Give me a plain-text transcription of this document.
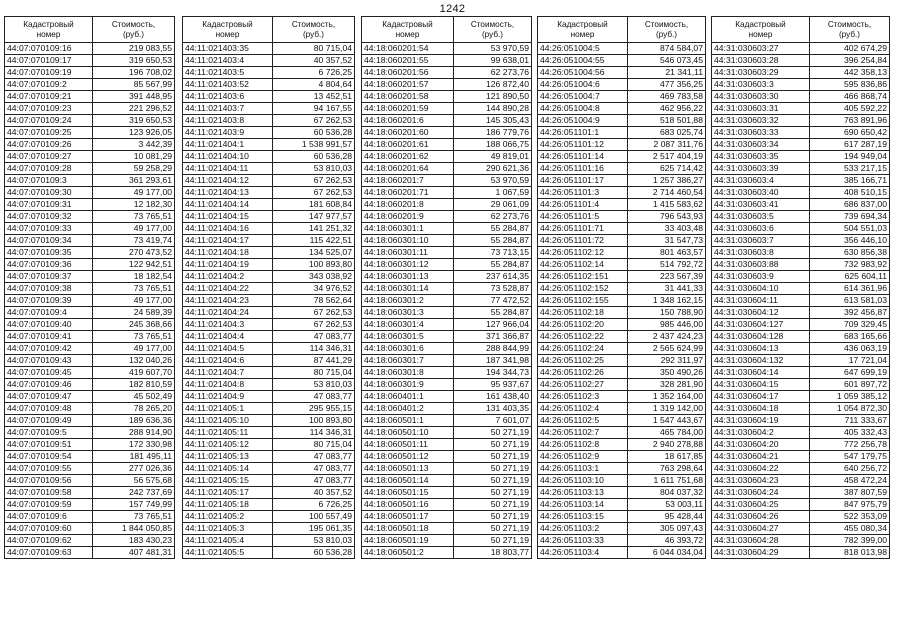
1242
Кадастровый
номер	Стоимость,
(руб.)

44:07:070109:16	219 083,55
44:07:070109:17	319 650,53
44:07:070109:19	196 708,02
44:07:070109:2	85 567,99
44:07:070109:21	391 448,95
44:07:070109:23	221 296,52
44:07:070109:24	319 650,53
44:07:070109:25	123 926,05
44:07:070109:26	3 442,39
44:07:070109:27	10 081,29
44:07:070109:28	59 258,29
44:07:070109:3	361 293,61
44:07:070109:30	49 177,00
44:07:070109:31	12 182,30
44:07:070109:32	73 765,51
44:07:070109:33	49 177,00
44:07:070109:34	73 419,74
44:07:070109:35	270 473,52
44:07:070109:36	122 942,51
44:07:070109:37	18 182,54
44:07:070109:38	73 765,51
44:07:070109:39	49 177,00
44:07:070109:4	24 589,39
44:07:070109:40	245 368,66
44:07:070109:41	73 765,51
44:07:070109:42	49 177,00
44:07:070109:43	132 040,26
44:07:070109:45	419 607,70
44:07:070109:46	182 810,59
44:07:070109:47	45 502,49
44:07:070109:48	78 265,20
44:07:070109:49	189 636,36
44:07:070109:5	288 914,90
44:07:070109:51	172 330,98
44:07:070109:54	181 495,11
44:07:070109:55	277 026,36
44:07:070109:56	56 575,68
44:07:070109:58	242 737,69
44:07:070109:59	157 749,99
44:07:070109:6	73 765,51
44:07:070109:60	1 844 050,85
44:07:070109:62	183 430,23
44:07:070109:63	407 481,31
Кадастровый
номер	Стоимость,
(руб.)

44:11:021403:35	80 715,04
44:11:021403:4	40 357,52
44:11:021403:5	6 726,25
44:11:021403:52	4 804,64
44:11:021403:6	13 452,51
44:11:021403:7	94 167,55
44:11:021403:8	67 262,53
44:11:021403:9	60 536,28
44:11:021404:1	1 538 991,57
44:11:021404:10	60 536,28
44:11:021404:11	53 810,03
44:11:021404:12	67 262,53
44:11:021404:13	67 262,53
44:11:021404:14	181 608,84
44:11:021404:15	147 977,57
44:11:021404:16	141 251,32
44:11:021404:17	115 422,51
44:11:021404:18	134 525,07
44:11:021404:19	100 893,80
44:11:021404:2	343 038,92
44:11:021404:22	34 976,52
44:11:021404:23	78 562,64
44:11:021404:24	67 262,53
44:11:021404:3	67 262,53
44:11:021404:4	47 083,77
44:11:021404:5	114 346,31
44:11:021404:6	87 441,29
44:11:021404:7	80 715,04
44:11:021404:8	53 810,03
44:11:021404:9	47 083,77
44:11:021405:1	295 955,15
44:11:021405:10	100 893,80
44:11:021405:11	114 346,31
44:11:021405:12	80 715,04
44:11:021405:13	47 083,77
44:11:021405:14	47 083,77
44:11:021405:15	47 083,77
44:11:021405:17	40 357,52
44:11:021405:18	6 726,25
44:11:021405:2	100 557,49
44:11:021405:3	195 061,35
44:11:021405:4	53 810,03
44:11:021405:5	60 536,28
Кадастровый
номер	Стоимость,
(руб.)

44:18:060201:54	53 970,59
44:18:060201:55	99 638,01
44:18:060201:56	62 273,76
44:18:060201:57	126 872,40
44:18:060201:58	121 890,50
44:18:060201:59	144 890,28
44:18:060201:6	145 305,43
44:18:060201:60	186 779,76
44:18:060201:61	188 066,75
44:18:060201:62	49 819,01
44:18:060201:64	290 621,36
44:18:060201:7	53 970,59
44:18:060201:71	1 067,59
44:18:060201:8	29 061,09
44:18:060201:9	62 273,76
44:18:060301:1	55 284,87
44:18:060301:10	55 284,87
44:18:060301:11	73 713,15
44:18:060301:12	55 284,87
44:18:060301:13	237 614,35
44:18:060301:14	73 528,87
44:18:060301:2	77 472,52
44:18:060301:3	55 284,87
44:18:060301:4	127 966,04
44:18:060301:5	371 366,87
44:18:060301:6	288 844,99
44:18:060301:7	187 341,98
44:18:060301:8	194 344,73
44:18:060301:9	95 937,67
44:18:060401:1	161 438,40
44:18:060401:2	131 403,35
44:18:060501:1	7 601,07
44:18:060501:10	50 271,19
44:18:060501:11	50 271,19
44:18:060501:12	50 271,19
44:18:060501:13	50 271,19
44:18:060501:14	50 271,19
44:18:060501:15	50 271,19
44:18:060501:16	50 271,19
44:18:060501:17	50 271,19
44:18:060501:18	50 271,19
44:18:060501:19	50 271,19
44:18:060501:2	18 803,77
Кадастровый
номер	Стоимость,
(руб.)

44:26:051004:5	874 584,07
44:26:051004:55	546 073,45
44:26:051004:56	21 341,11
44:26:051004:6	477 356,25
44:26:051004:7	469 783,58
44:26:051004:8	462 956,22
44:26:051004:9	518 501,88
44:26:051101:1	683 025,74
44:26:051101:12	2 087 311,76
44:26:051101:14	2 517 404,19
44:26:051101:16	625 714,42
44:26:051101:17	1 257 386,27
44:26:051101:3	2 714 460,54
44:26:051101:4	1 415 583,62
44:26:051101:5	796 543,93
44:26:051101:71	33 403,48
44:26:051101:72	31 547,73
44:26:051102:12	801 463,57
44:26:051102:14	514 792,72
44:26:051102:151	223 567,39
44:26:051102:152	31 441,33
44:26:051102:155	1 348 162,15
44:26:051102:18	150 788,90
44:26:051102:20	985 446,00
44:26:051102:22	2 437 424,23
44:26:051102:24	2 565 624,99
44:26:051102:25	292 311,97
44:26:051102:26	350 490,26
44:26:051102:27	328 281,90
44:26:051102:3	1 352 164,00
44:26:051102:4	1 319 142,00
44:26:051102:5	1 547 443,67
44:26:051102:7	465 784,00
44:26:051102:8	2 940 278,88
44:26:051102:9	18 617,85
44:26:051103:1	763 298,64
44:26:051103:10	1 611 751,68
44:26:051103:13	804 037,32
44:26:051103:14	53 003,11
44:26:051103:15	95 428,44
44:26:051103:2	305 097,43
44:26:051103:33	46 393,72
44:26:051103:4	6 044 034,04
Кадастровый
номер	Стоимость,
(руб.)

44:31:030603:27	402 674,29
44:31:030603:28	396 254,84
44:31:030603:29	442 358,13
44:31:030603:3	595 836,86
44:31:030603:30	466 868,74
44:31:030603:31	405 592,22
44:31:030603:32	763 891,96
44:31:030603:33	690 650,42
44:31:030603:34	617 287,19
44:31:030603:35	194 949,04
44:31:030603:39	533 217,15
44:31:030603:4	385 166,71
44:31:030603:40	408 510,15
44:31:030603:41	686 837,00
44:31:030603:5	739 694,34
44:31:030603:6	504 551,03
44:31:030603:7	356 446,10
44:31:030603:8	630 856,38
44:31:030603:88	732 983,92
44:31:030603:9	625 604,11
44:31:030604:10	614 361,96
44:31:030604:11	613 581,03
44:31:030604:12	392 456,87
44:31:030604:127	709 329,45
44:31:030604:128	683 165,66
44:31:030604:13	436 063,19
44:31:030604:132	17 721,04
44:31:030604:14	647 699,19
44:31:030604:15	601 897,72
44:31:030604:17	1 059 385,12
44:31:030604:18	1 054 872,30
44:31:030604:19	711 333,67
44:31:030604:2	405 332,43
44:31:030604:20	772 256,78
44:31:030604:21	547 179,75
44:31:030604:22	640 256,72
44:31:030604:23	458 472,24
44:31:030604:24	387 807,59
44:31:030604:25	847 975,79
44:31:030604:26	522 353,09
44:31:030604:27	455 080,34
44:31:030604:28	782 399,00
44:31:030604:29	818 013,98
